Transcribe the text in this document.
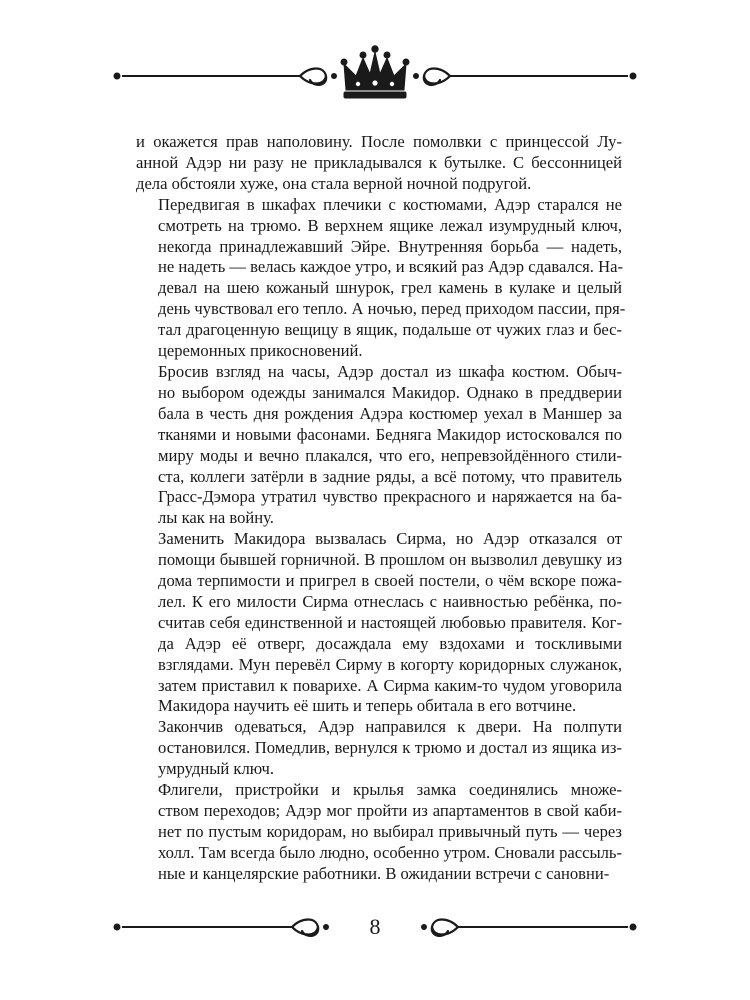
и окажется прав наполовину. После помолвки с принцессой Лу-
анной Адэр ни разу не прикладывался к бутылке. С бессонницей
дела обстояли хуже, она стала верной ночной подругой.

Передвигая в шкафах плечики с костюмами, Адэр старался не
смотреть на трюмо. В верхнем ящике лежал изумрудный ключ,
некогда принадлежавший Эйре. Внутренняя борьба — надеть,
не надеть — велась каждое утро, и всякий раз Адэр сдавался. На-
девал на шею кожаный шнурок, грел камень в кулаке и целый
день чувствовал его тепло. А ночью, перед приходом пассии, пря-
тал драгоценную вещицу в ящик, подальше от чужих глаз и бес-
церемонных прикосновений.

Бросив взгляд на часы, Адэр достал из шкафа костюм. Обыч-
но выбором одежды занимался Макидор. Однако в преддверии
бала в честь дня рождения Адэра костюмер уехал в Маншер за
тканями и новыми фасонами. Бедняга Макидор истосковался по
миру моды и вечно плакался, что его, непревзойдённого стили-
ста, коллеги затёрли в задние ряды, а всё потому, что правитель
Грасс-Дэмора утратил чувство прекрасного и наряжается на ба-
лы как на войну.

Заменить Макидора вызвалась Сирма, но Адэр отказался от
помощи бывшей горничной. В прошлом он вызволил девушку из
дома терпимости и пригрел в своей постели, о чём вскоре пожа-
лел. К его милости Сирма отнеслась с наивностью ребёнка, по-
считав себя единственной и настоящей любовью правителя. Ког-
да Адэр её отверг, досаждала ему вздохами и тоскливыми
взглядами. Мун перевёл Сирму в когорту коридорных служанок,
затем приставил к поварихе. А Сирма каким-то чудом уговорила
Макидора научить её шить и теперь обитала в его вотчине.

Закончив одеваться, Адэр направился к двери. На полпути
остановился. Помедлив, вернулся к трюмо и достал из ящика из-
умрудный ключ.

Флигели, пристройки и крылья замка соединялись множе-
ством переходов; Адэр мог пройти из апартаментов в свой каби-
нет по пустым коридорам, но выбирал привычный путь — через
холл. Там всегда было людно, особенно утром. Сновали рассыль-
ные и канцелярские работники. В ожидании встречи с сановни-

8
